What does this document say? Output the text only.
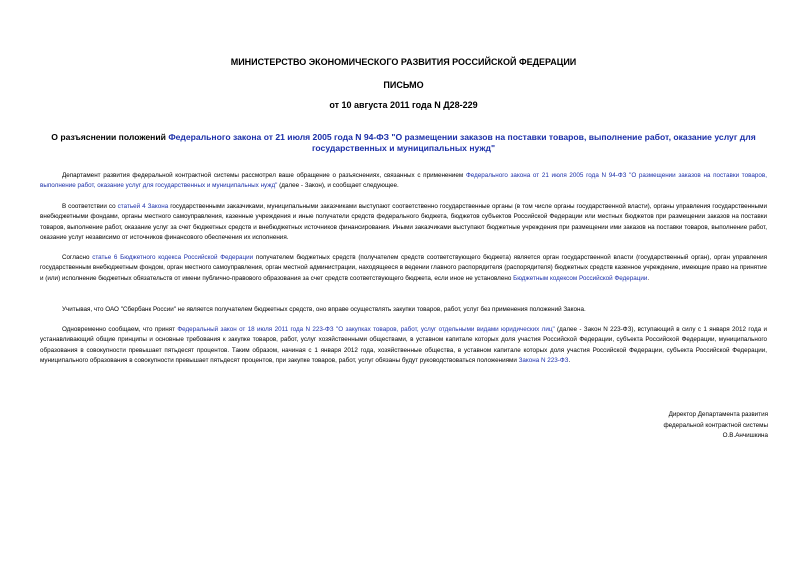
МИНИСТЕРСТВО ЭКОНОМИЧЕСКОГО РАЗВИТИЯ РОССИЙСКОЙ ФЕДЕРАЦИИ
ПИСЬМО
от 10 августа 2011 года N Д28-229
О разъяснении положений Федерального закона от 21 июля 2005 года N 94-ФЗ "О размещении заказов на поставки товаров, выполнение работ, оказание услуг для государственных и муниципальных нужд"
Департамент развития федеральной контрактной системы рассмотрел ваше обращение о разъяснениях, связанных с применением Федерального закона от 21 июля 2005 года N 94-ФЗ "О размещении заказов на поставки товаров, выполнение работ, оказание услуг для государственных и муниципальных нужд" (далее - Закон), и сообщает следующее.
В соответствии со статьей 4 Закона государственными заказчиками, муниципальными заказчиками выступают соответственно государственные органы (в том числе органы государственной власти), органы управления государственными внебюджетными фондами, органы местного самоуправления, казенные учреждения и иные получатели средств федерального бюджета, бюджетов субъектов Российской Федерации или местных бюджетов при размещении заказов на поставки товаров, выполнение работ, оказание услуг за счет бюджетных средств и внебюджетных источников финансирования. Иными заказчиками выступают бюджетные учреждения при размещении ими заказов на поставки товаров, выполнение работ, оказание услуг независимо от источников финансового обеспечения их исполнения.
Согласно статье 6 Бюджетного кодекса Российской Федерации получателем бюджетных средств (получателем средств соответствующего бюджета) является орган государственной власти (государственный орган), орган управления государственным внебюджетным фондом, орган местного самоуправления, орган местной администрации, находящееся в ведении главного распорядителя (распорядителя) бюджетных средств казенное учреждение, имеющие право на принятие и (или) исполнение бюджетных обязательств от имени публично-правового образования за счет средств соответствующего бюджета, если иное не установлено Бюджетным кодексом Российской Федерации.
Учитывая, что ОАО "Сбербанк России" не является получателем бюджетных средств, оно вправе осуществлять закупки товаров, работ, услуг без применения положений Закона.
Одновременно сообщаем, что принят Федеральный закон от 18 июля 2011 года N 223-ФЗ "О закупках товаров, работ, услуг отдельными видами юридических лиц" (далее - Закон N 223-ФЗ), вступающий в силу с 1 января 2012 года и устанавливающий общие принципы и основные требования к закупке товаров, работ, услуг хозяйственными обществами, в уставном капитале которых доля участия Российской Федерации, субъекта Российской Федерации, муниципального образования в совокупности превышает пятьдесят процентов. Таким образом, начиная с 1 января 2012 года, хозяйственные общества, в уставном капитале которых доля участия Российской Федерации, субъекта Российской Федерации, муниципального образования в совокупности превышает пятьдесят процентов, при закупке товаров, работ, услуг обязаны будут руководствоваться положениями Закона N 223-ФЗ.
Директор Департамента развития
федеральной контрактной системы
О.В.Анчишкина
